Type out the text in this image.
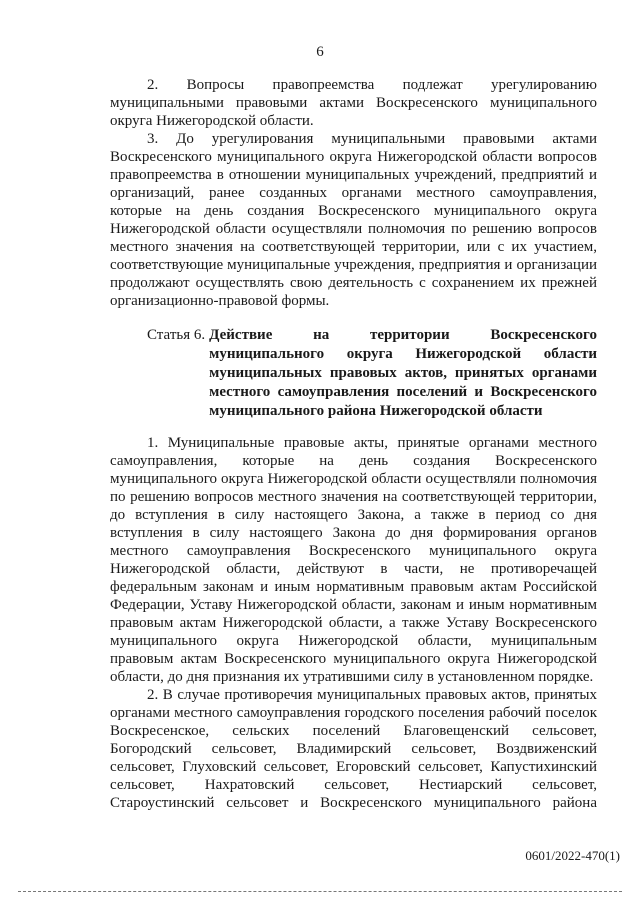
6

2. Вопросы правопреемства подлежат урегулированию муниципальными правовыми актами Воскресенского муниципального округа Нижегородской области.

3. До урегулирования муниципальными правовыми актами Воскресенского муниципального округа Нижегородской области вопросов правопреемства в отношении муниципальных учреждений, предприятий и организаций, ранее созданных органами местного самоуправления, которые на день создания Воскресенского муниципального округа Нижегородской области осуществляли полномочия по решению вопросов местного значения на соответствующей территории, или с их участием, соответствующие муниципальные учреждения, предприятия и организации продолжают осуществлять свою деятельность с сохранением их прежней организационно-правовой формы.

Статья 6. Действие на территории Воскресенского муниципального округа Нижегородской области муниципальных правовых актов, принятых органами местного самоуправления поселений и Воскресенского муниципального района Нижегородской области

1. Муниципальные правовые акты, принятые органами местного самоуправления, которые на день создания Воскресенского муниципального округа Нижегородской области осуществляли полномочия по решению вопросов местного значения на соответствующей территории, до вступления в силу настоящего Закона, а также в период со дня вступления в силу настоящего Закона до дня формирования органов местного самоуправления Воскресенского муниципального округа Нижегородской области, действуют в части, не противоречащей федеральным законам и иным нормативным правовым актам Российской Федерации, Уставу Нижегородской области, законам и иным нормативным правовым актам Нижегородской области, а также Уставу Воскресенского муниципального округа Нижегородской области, муниципальным правовым актам Воскресенского муниципального округа Нижегородской области, до дня признания их утратившими силу в установленном порядке.

2. В случае противоречия муниципальных правовых актов, принятых органами местного самоуправления городского поселения рабочий поселок Воскресенское, сельских поселений Благовещенский сельсовет, Богородский сельсовет, Владимирский сельсовет, Воздвиженский сельсовет, Глуховский сельсовет, Егоровский сельсовет, Капустихинский сельсовет, Нахратовский сельсовет, Нестиарский сельсовет, Староустинский сельсовет и Воскресенского муниципального района

0601/2022-470(1)
